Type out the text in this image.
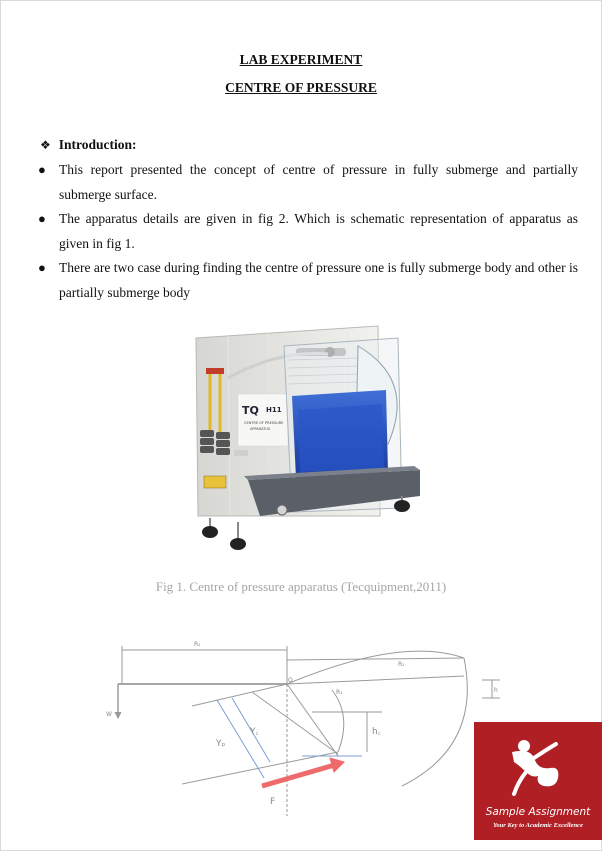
LAB EXPERIMENT
CENTRE OF PRESSURE
❖ Introduction:
● This report presented the concept of centre of pressure in fully submerge and partially submerge surface.
● The apparatus details are given in fig 2. Which is schematic representation of apparatus as given in fig 1.
● There are two case during finding the centre of pressure one is fully submerge body and other is partially submerge body
TQ H11
CENTRE OF PRESSURE
APPARATUS
Fig 1. Centre of pressure apparatus (Tecquipment,2011)
R₂
R₂
R₁
W
O
h
Yₚ
Y꜀	h꜀
F
Sample Assignment
Your Key to Academic Excellence
